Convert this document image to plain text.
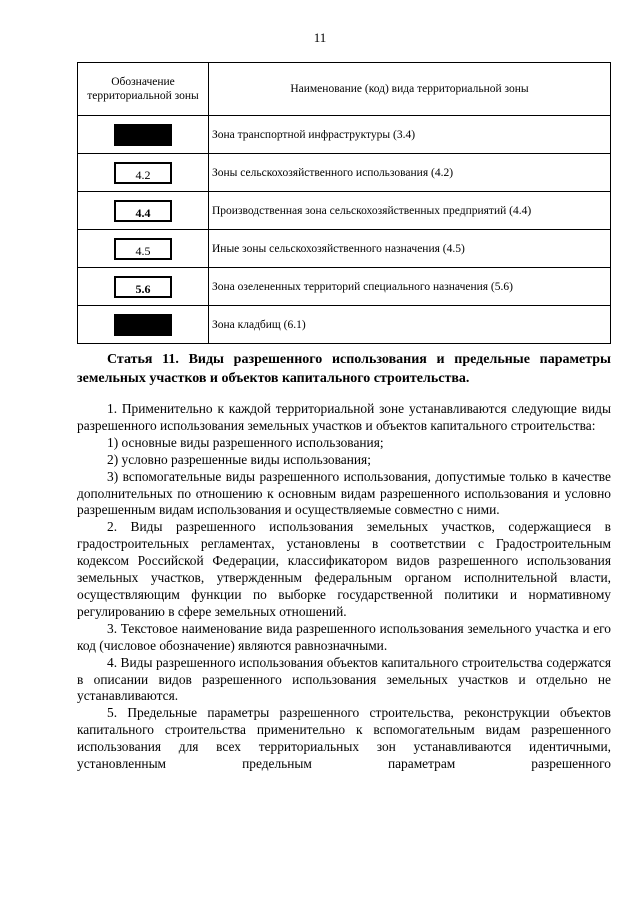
11
Обозначение территориальной зоны	Наименование (код) вида территориальной зоны
	Зона транспортной инфраструктуры (3.4)
4.2	Зоны сельскохозяйственного использования (4.2)
4.4	Производственная зона сельскохозяйственных предприятий (4.4)
4.5	Иные зоны сельскохозяйственного назначения (4.5)
5.6	Зона озелененных территорий специального назначения (5.6)
	Зона кладбищ (6.1)
Статья 11. Виды разрешенного использования и предельные параметры земельных участков и объектов капитального строительства.

1. Применительно к каждой территориальной зоне устанавливаются следующие виды разрешенного использования земельных участков и объектов капитального строительства:

1) основные виды разрешенного использования;

2) условно разрешенные виды использования;

3) вспомогательные виды разрешенного использования, допустимые только в качестве дополнительных по отношению к основным видам разрешенного использования и условно разрешенным видам использования и осуществляемые совместно с ними.

2. Виды разрешенного использования земельных участков, содержащиеся в градостроительных регламентах, установлены в соответствии с Градостроительным кодексом Российской Федерации, классификатором видов разрешенного использования земельных участков, утвержденным федеральным органом исполнительной власти, осуществляющим функции по выборке государственной политики и нормативному регулированию в сфере земельных отношений.

3. Текстовое наименование вида разрешенного использования земельного участка и его код (числовое обозначение) являются равнозначными.

4. Виды разрешенного использования объектов капитального строительства содержатся в описании видов разрешенного использования земельных участков и отдельно не устанавливаются.

5. Предельные параметры разрешенного строительства, реконструкции объектов капитального строительства применительно к вспомогательным видам разрешенного использования для всех территориальных зон устанавливаются идентичными, установленным предельным параметрам разрешенного
